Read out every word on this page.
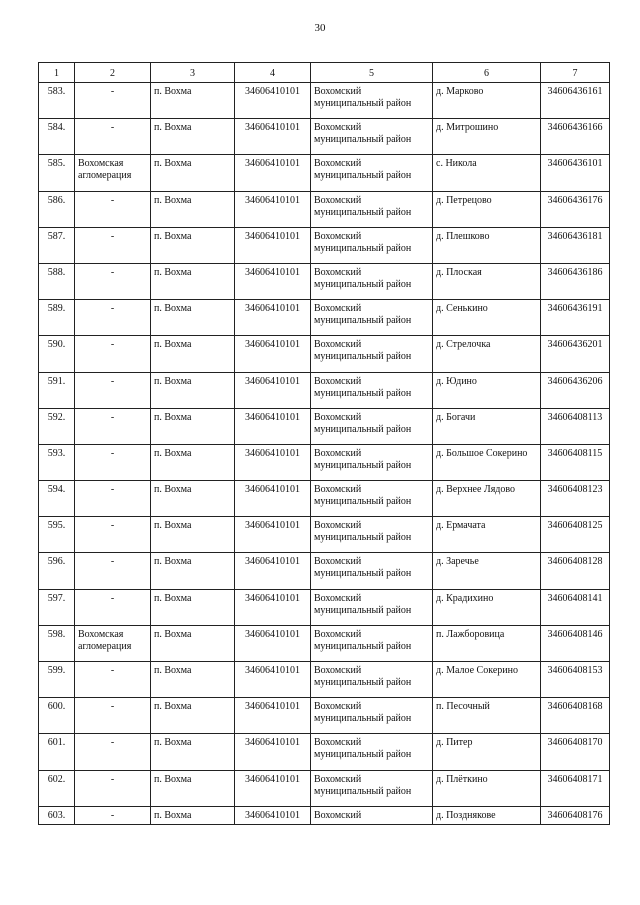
30
1	2	3	4	5	6	7
583.	-	п. Вохма	34606410101	Вохомский муниципальный район	д. Марково	34606436161
584.	-	п. Вохма	34606410101	Вохомский муниципальный район	д. Митрошино	34606436166
585.	Вохомская агломерация	п. Вохма	34606410101	Вохомский муниципальный район	с. Никола	34606436101
586.	-	п. Вохма	34606410101	Вохомский муниципальный район	д. Петрецово	34606436176
587.	-	п. Вохма	34606410101	Вохомский муниципальный район	д. Плешково	34606436181
588.	-	п. Вохма	34606410101	Вохомский муниципальный район	д. Плоская	34606436186
589.	-	п. Вохма	34606410101	Вохомский муниципальный район	д. Сенькино	34606436191
590.	-	п. Вохма	34606410101	Вохомский муниципальный район	д. Стрелочка	34606436201
591.	-	п. Вохма	34606410101	Вохомский муниципальный район	д. Юдино	34606436206
592.	-	п. Вохма	34606410101	Вохомский муниципальный район	д. Богачи	34606408113
593.	-	п. Вохма	34606410101	Вохомский муниципальный район	д. Большое Сокерино	34606408115
594.	-	п. Вохма	34606410101	Вохомский муниципальный район	д. Верхнее Лядово	34606408123
595.	-	п. Вохма	34606410101	Вохомский муниципальный район	д. Ермачата	34606408125
596.	-	п. Вохма	34606410101	Вохомский муниципальный район	д. Заречье	34606408128
597.	-	п. Вохма	34606410101	Вохомский муниципальный район	д. Крадихино	34606408141
598.	Вохомская агломерация	п. Вохма	34606410101	Вохомский муниципальный район	п. Лажборовица	34606408146
599.	-	п. Вохма	34606410101	Вохомский муниципальный район	д. Малое Сокерино	34606408153
600.	-	п. Вохма	34606410101	Вохомский муниципальный район	п. Песочный	34606408168
601.	-	п. Вохма	34606410101	Вохомский муниципальный район	д. Питер	34606408170
602.	-	п. Вохма	34606410101	Вохомский муниципальный район	д. Плёткино	34606408171
603.	-	п. Вохма	34606410101	Вохомский	д. Позднякове	34606408176
